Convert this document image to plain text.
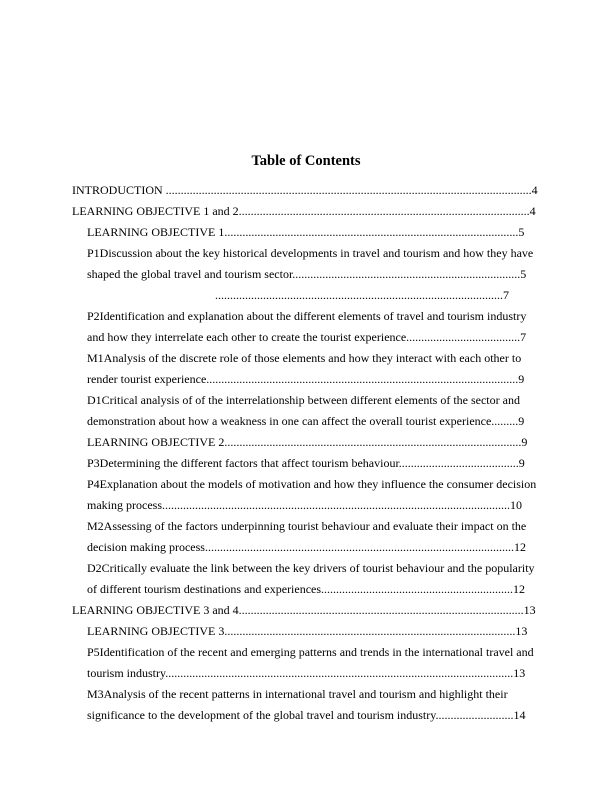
Table of Contents
INTRODUCTION ..........................................................................................................................4
LEARNING OBJECTIVE 1 and 2.................................................................................................4
LEARNING OBJECTIVE 1..................................................................................................5
P1Discussion about the key historical developments in travel and tourism and how they have
shaped the global travel and tourism sector............................................................................5
................................................................................................7
P2Identification and explanation about the different elements of travel and tourism industry
and how they interrelate each other to create the tourist experience......................................7
M1Analysis of the discrete role of those elements and how they interact with each other to
render tourist experience........................................................................................................9
D1Critical analysis of of the interrelationship between different elements of the sector and
demonstration about how a weakness in one can affect the overall tourist experience.........9
LEARNING OBJECTIVE 2...................................................................................................9
P3Determining the different factors that affect tourism behaviour........................................9
P4Explanation about the models of motivation and how they influence the consumer decision
making process....................................................................................................................10
M2Assessing of the factors underpinning tourist behaviour and evaluate their impact on the
decision making process.......................................................................................................12
D2Critically evaluate the link between the key drivers of tourist behaviour and the popularity
of different tourism destinations and experiences................................................................12
LEARNING OBJECTIVE 3 and 4...............................................................................................13
LEARNING OBJECTIVE 3.................................................................................................13
P5Identification of the recent and emerging patterns and trends in the international travel and
tourism industry....................................................................................................................13
M3Analysis of the recent patterns in international travel and tourism and highlight their
significance to the development of the global travel and tourism industry..........................14
